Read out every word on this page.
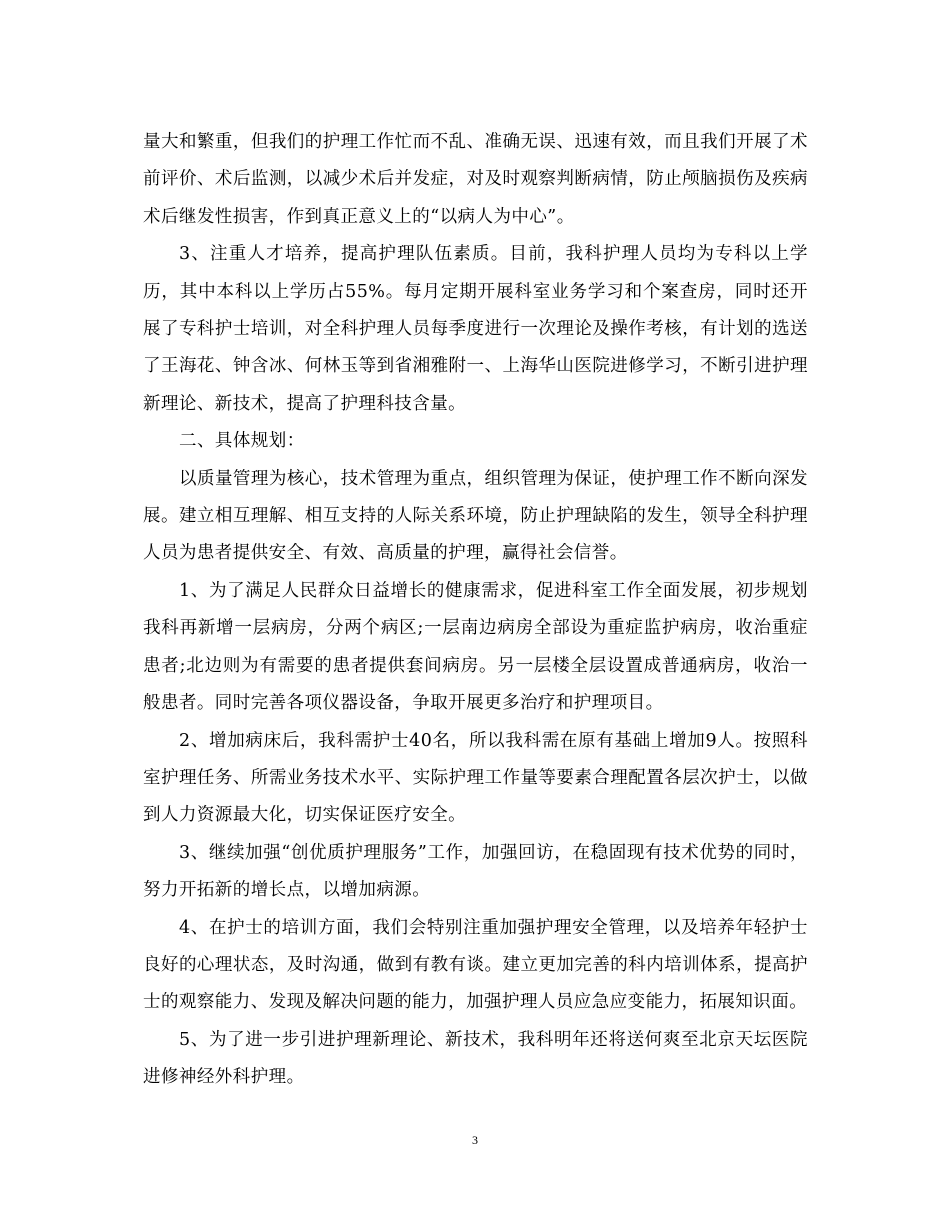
量大和繁重，但我们的护理工作忙而不乱、准确无误、迅速有效，而且我们开展了术前评价、术后监测，以减少术后并发症，对及时观察判断病情，防止颅脑损伤及疾病术后继发性损害，作到真正意义上的“以病人为中心”。

3、注重人才培养，提高护理队伍素质。目前，我科护理人员均为专科以上学历，其中本科以上学历占55%。每月定期开展科室业务学习和个案查房，同时还开展了专科护士培训，对全科护理人员每季度进行一次理论及操作考核，有计划的选送了王海花、钟含冰、何林玉等到省湘雅附一、上海华山医院进修学习，不断引进护理新理论、新技术，提高了护理科技含量。

二、具体规划：

以质量管理为核心，技术管理为重点，组织管理为保证，使护理工作不断向深发展。建立相互理解、相互支持的人际关系环境，防止护理缺陷的发生，领导全科护理人员为患者提供安全、有效、高质量的护理，赢得社会信誉。

1、为了满足人民群众日益增长的健康需求，促进科室工作全面发展，初步规划我科再新增一层病房，分两个病区;一层南边病房全部设为重症监护病房，收治重症患者;北边则为有需要的患者提供套间病房。另一层楼全层设置成普通病房，收治一般患者。同时完善各项仪器设备，争取开展更多治疗和护理项目。

2、增加病床后，我科需护士40名，所以我科需在原有基础上增加9人。按照科室护理任务、所需业务技术水平、实际护理工作量等要素合理配置各层次护士，以做到人力资源最大化，切实保证医疗安全。

3、继续加强“创优质护理服务”工作，加强回访，在稳固现有技术优势的同时，努力开拓新的增长点，以增加病源。

4、在护士的培训方面，我们会特别注重加强护理安全管理，以及培养年轻护士良好的心理状态，及时沟通，做到有教有谈。建立更加完善的科内培训体系，提高护士的观察能力、发现及解决问题的能力，加强护理人员应急应变能力，拓展知识面。

5、为了进一步引进护理新理论、新技术，我科明年还将送何爽至北京天坛医院进修神经外科护理。

3
